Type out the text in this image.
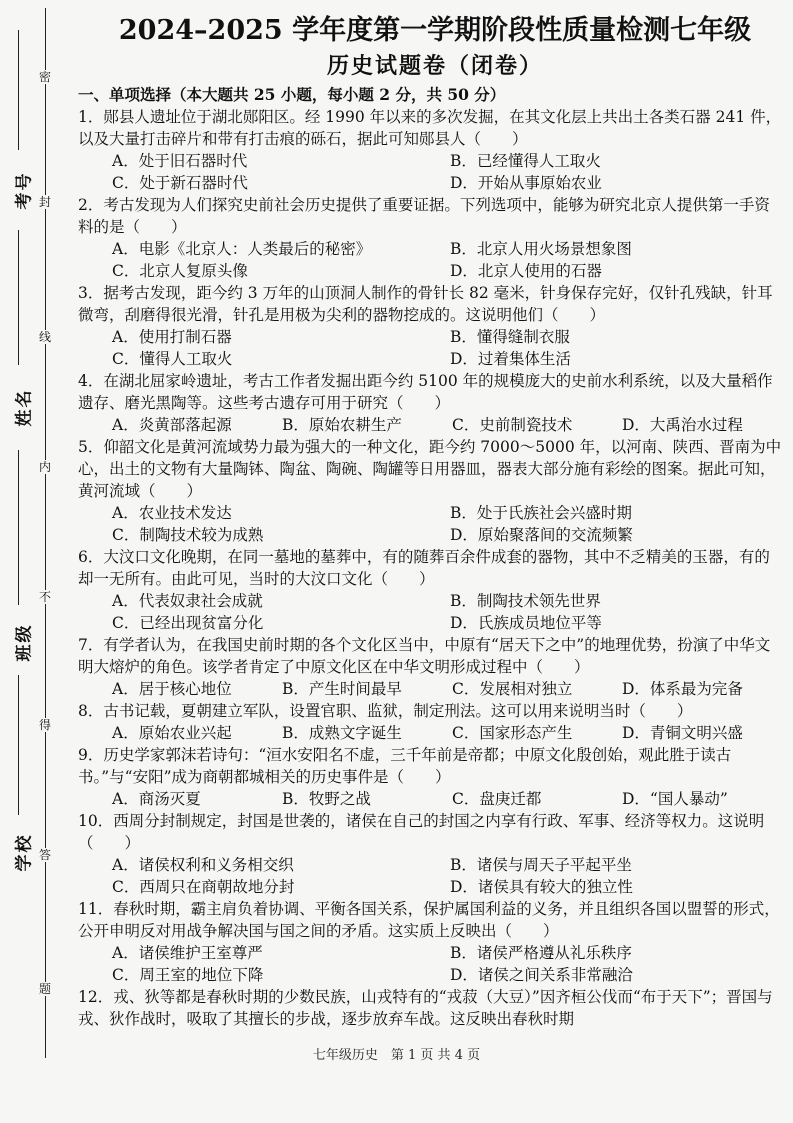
密
封
线
内
不
得
答
题
考号
姓名
班级
学校
2024–2025 学年度第一学期阶段性质量检测七年级
历史试题卷（闭卷）
一、单项选择（本大题共 25 小题，每小题 2 分，共 50 分）
1．郧县人遗址位于湖北郧阳区。经 1990 年以来的多次发掘，在其文化层上共出土各类石器 241 件，以及大量打击碎片和带有打击痕的砾石，据此可知郧县人（　　）
A．处于旧石器时代	B．已经懂得人工取火
C．处于新石器时代	D．开始从事原始农业
2．考古发现为人们探究史前社会历史提供了重要证据。下列选项中，能够为研究北京人提供第一手资料的是（　　）
A．电影《北京人：人类最后的秘密》	B．北京人用火场景想象图
C．北京人复原头像	D．北京人使用的石器
3．据考古发现，距今约 3 万年的山顶洞人制作的骨针长 82 毫米，针身保存完好，仅针孔残缺，针耳微弯，刮磨得很光滑，针孔是用极为尖利的器物挖成的。这说明他们（　　）
A．使用打制石器	B．懂得缝制衣服
C．懂得人工取火	D．过着集体生活
4．在湖北屈家岭遗址，考古工作者发掘出距今约 5100 年的规模庞大的史前水利系统，以及大量稻作遗存、磨光黑陶等。这些考古遗存可用于研究（　　）
A．炎黄部落起源	B．原始农耕生产	C．史前制瓷技术	D．大禹治水过程
5．仰韶文化是黄河流域势力最为强大的一种文化，距今约 7000～5000 年，以河南、陕西、晋南为中心，出土的文物有大量陶钵、陶盆、陶碗、陶罐等日用器皿，器表大部分施有彩绘的图案。据此可知，黄河流域（　　）
A．农业技术发达	B．处于氏族社会兴盛时期
C．制陶技术较为成熟	D．原始聚落间的交流频繁
6．大汶口文化晚期，在同一墓地的墓葬中，有的随葬百余件成套的器物，其中不乏精美的玉器，有的却一无所有。由此可见，当时的大汶口文化（　　）
A．代表奴隶社会成就	B．制陶技术领先世界
C．已经出现贫富分化	D．氏族成员地位平等
7．有学者认为，在我国史前时期的各个文化区当中，中原有“居天下之中”的地理优势，扮演了中华文明大熔炉的角色。该学者肯定了中原文化区在中华文明形成过程中（　　）
A．居于核心地位	B．产生时间最早	C．发展相对独立	D．体系最为完备
8．古书记载，夏朝建立军队，设置官职、监狱，制定刑法。这可以用来说明当时（　　）
A．原始农业兴起	B．成熟文字诞生	C．国家形态产生	D．青铜文明兴盛
9．历史学家郭沫若诗句：“洹水安阳名不虚，三千年前是帝都；中原文化殷创始，观此胜于读古书。”与“安阳”成为商朝都城相关的历史事件是（　　）
A．商汤灭夏	B．牧野之战	C．盘庚迁都	D．“国人暴动”
10．西周分封制规定，封国是世袭的，诸侯在自己的封国之内享有行政、军事、经济等权力。这说明（　　）
A．诸侯权利和义务相交织	B．诸侯与周天子平起平坐
C．西周只在商朝故地分封	D．诸侯具有较大的独立性
11．春秋时期，霸主肩负着协调、平衡各国关系，保护属国利益的义务，并且组织各国以盟誓的形式，公开申明反对用战争解决国与国之间的矛盾。这实质上反映出（　　）
A．诸侯维护王室尊严	B．诸侯严格遵从礼乐秩序
C．周王室的地位下降	D．诸侯之间关系非常融洽
12．戎、狄等都是春秋时期的少数民族，山戎特有的“戎菽（大豆）”因齐桓公伐而“布于天下”；晋国与戎、狄作战时，吸取了其擅长的步战，逐步放弃车战。这反映出春秋时期
七年级历史　第 1 页 共 4 页
